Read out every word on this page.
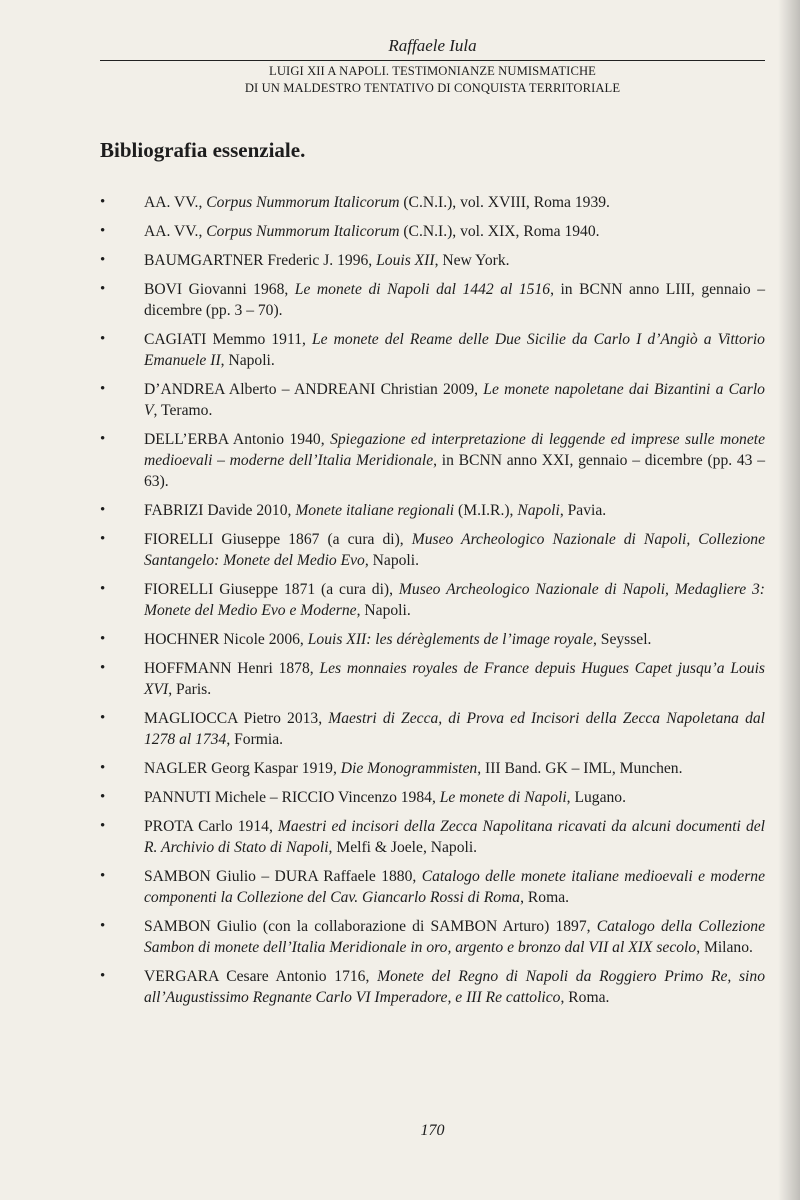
Raffaele Iula
LUIGI XII A NAPOLI. TESTIMONIANZE NUMISMATICHE
DI UN MALDESTRO TENTATIVO DI CONQUISTA TERRITORIALE
Bibliografia essenziale.
• AA. VV., Corpus Nummorum Italicorum (C.N.I.), vol. XVIII, Roma 1939.
• AA. VV., Corpus Nummorum Italicorum (C.N.I.), vol. XIX, Roma 1940.
• BAUMGARTNER Frederic J. 1996, Louis XII, New York.
• BOVI Giovanni 1968, Le monete di Napoli dal 1442 al 1516, in BCNN anno LIII, gennaio – dicembre (pp. 3 – 70).
• CAGIATI Memmo 1911, Le monete del Reame delle Due Sicilie da Carlo I d’Angiò a Vittorio Emanuele II, Napoli.
• D’ANDREA Alberto – ANDREANI Christian 2009, Le monete napoletane dai Bizantini a Carlo V, Teramo.
• DELL’ERBA Antonio 1940, Spiegazione ed interpretazione di leggende ed imprese sulle monete medioevali – moderne dell’Italia Meridionale, in BCNN anno XXI, gennaio – dicembre (pp. 43 – 63).
• FABRIZI Davide 2010, Monete italiane regionali (M.I.R.), Napoli, Pavia.
• FIORELLI Giuseppe 1867 (a cura di), Museo Archeologico Nazionale di Napoli, Collezione Santangelo: Monete del Medio Evo, Napoli.
• FIORELLI Giuseppe 1871 (a cura di), Museo Archeologico Nazionale di Napoli, Medagliere 3: Monete del Medio Evo e Moderne, Napoli.
• HOCHNER Nicole 2006, Louis XII: les dérèglements de l’image royale, Seyssel.
• HOFFMANN Henri 1878, Les monnaies royales de France depuis Hugues Capet jusqu’a Louis XVI, Paris.
• MAGLIOCCA Pietro 2013, Maestri di Zecca, di Prova ed Incisori della Zecca Napoletana dal 1278 al 1734, Formia.
• NAGLER Georg Kaspar 1919, Die Monogrammisten, III Band. GK – IML, Munchen.
• PANNUTI Michele – RICCIO Vincenzo 1984, Le monete di Napoli, Lugano.
• PROTA Carlo 1914, Maestri ed incisori della Zecca Napolitana ricavati da alcuni documenti del R. Archivio di Stato di Napoli, Melfi & Joele, Napoli.
• SAMBON Giulio – DURA Raffaele 1880, Catalogo delle monete italiane medioevali e moderne componenti la Collezione del Cav. Giancarlo Rossi di Roma, Roma.
• SAMBON Giulio (con la collaborazione di SAMBON Arturo) 1897, Catalogo della Collezione Sambon di monete dell’Italia Meridionale in oro, argento e bronzo dal VII al XIX secolo, Milano.
• VERGARA Cesare Antonio 1716, Monete del Regno di Napoli da Roggiero Primo Re, sino all’Augustissimo Regnante Carlo VI Imperadore, e III Re cattolico, Roma.
170
